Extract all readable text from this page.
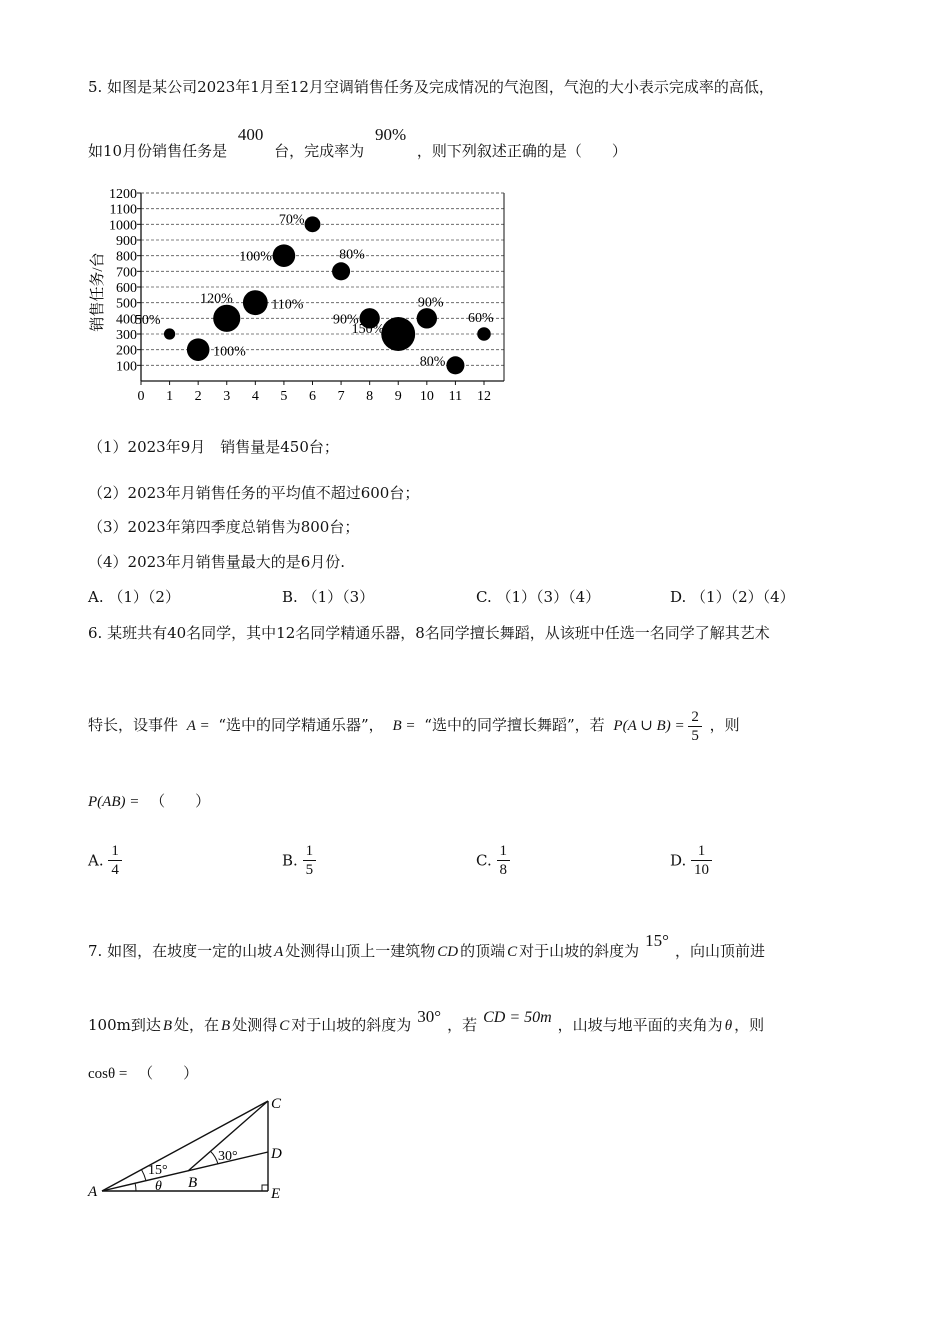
5. 如图是某公司2023年1月至12月空调销售任务及完成情况的气泡图，气泡的大小表示完成率的高低，
如10月份销售任务是 400 台，完成率为 90% ，则下列叙述正确的是（　　）
100
200
300
400
500
600
700
800
900
1000
1100
1200
0 1 2 3 4 5 6 7 8 9 10 11 12
50%
100%
120%	110%
100%
70%
80%
90%
150%
90%
80%
60%
销售任务/台
（1）2023年9月　销售量是450台；
（2）2023年月销售任务的平均值不超过600台；
（3）2023年第四季度总销售为800台；
（4）2023年月销售量最大的是6月份.
A. （1）（2）	B. （1）（3）	C. （1）（3）（4）	D. （1）（2）（4）
6. 某班共有40名同学，其中12名同学精通乐器，8名同学擅长舞蹈，从该班中任选一名同学了解其艺术
特长，设事件 A = “选中的同学精通乐器”， B = “选中的同学擅长舞蹈”，若 P(A ∪ $B) = \frac{2}{5}$ ，则
P(AB) = （　　）
A. $\frac{1}{4}$	B. $\frac{1}{5}$	C. $\frac{1}{8}$	D. $\frac{1}{10}$
7. 如图，在坡度一定的山坡 A 处测得山顶上一建筑物 CD 的顶端 C 对于山坡的斜度为15°，向山顶前进
100m到达 B 处，在 B 处测得 C 对于山坡的斜度为 30° ，若 CD = 50m ，山坡与地平面的夹角为 θ ，则
cosθ = （　　）
A
B
C
D
E
15°
30°
θ
